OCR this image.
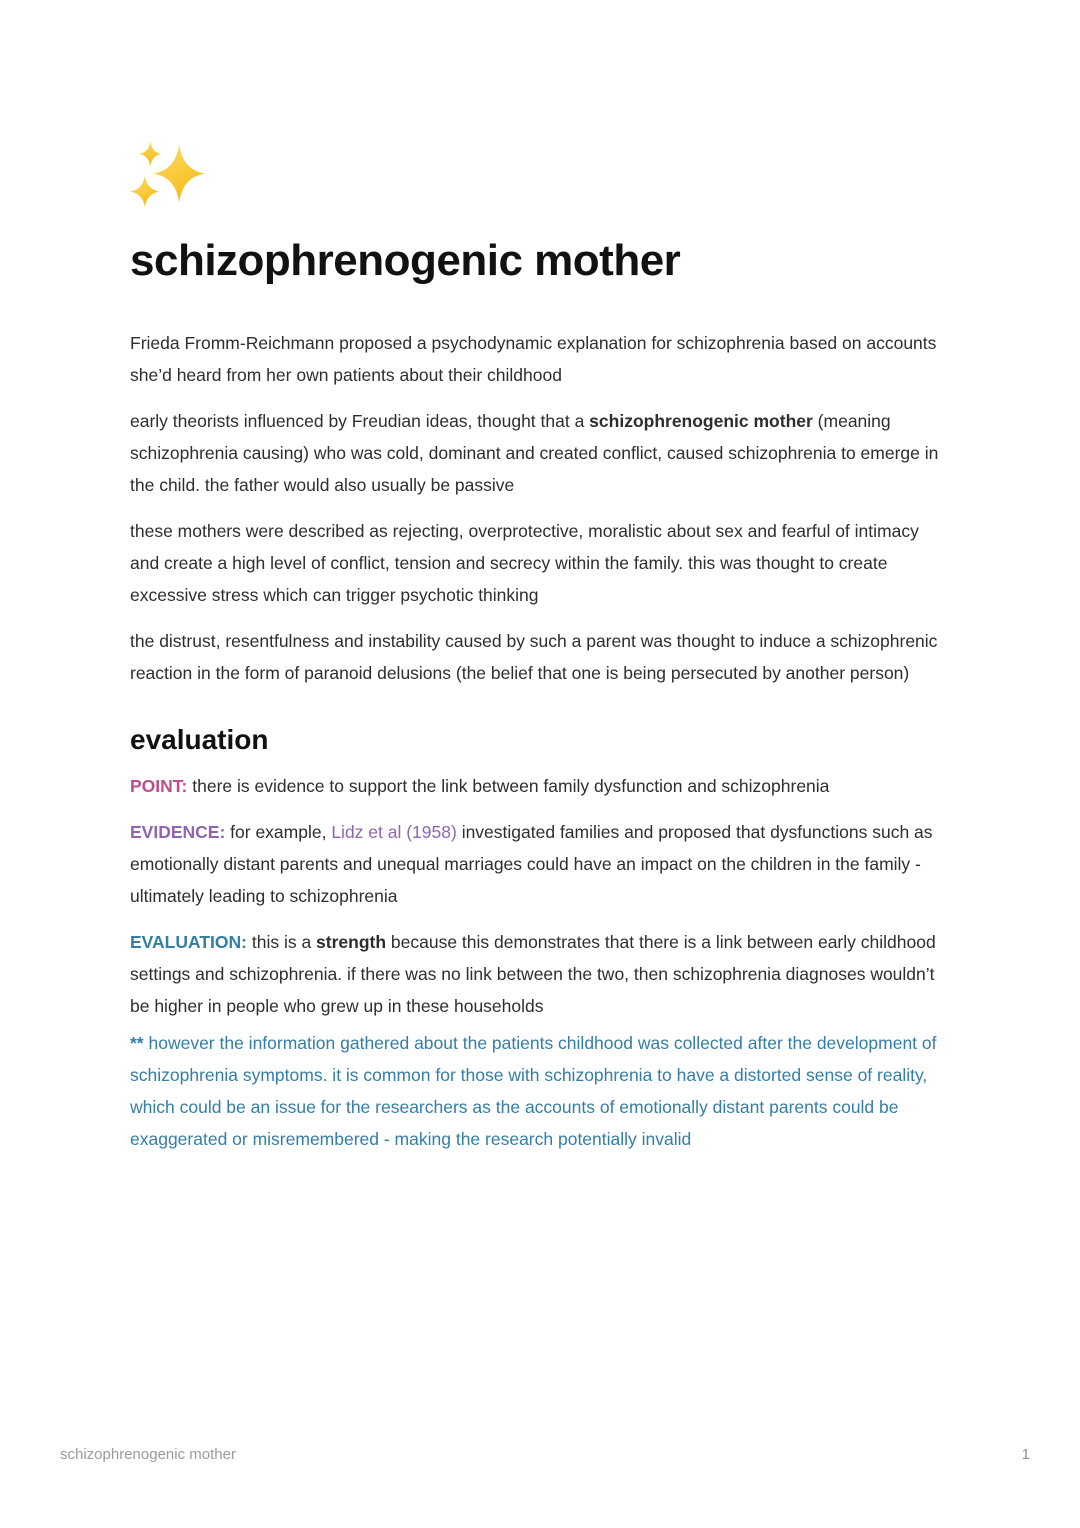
schizophrenogenic mother

Frieda Fromm-Reichmann proposed a psychodynamic explanation for schizophrenia based on accounts she’d heard from her own patients about their childhood

early theorists influenced by Freudian ideas, thought that a schizophrenogenic mother (meaning schizophrenia causing) who was cold, dominant and created conflict, caused schizophrenia to emerge in the child. the father would also usually be passive

these mothers were described as rejecting, overprotective, moralistic about sex and fearful of intimacy and create a high level of conflict, tension and secrecy within the family. this was thought to create excessive stress which can trigger psychotic thinking

the distrust, resentfulness and instability caused by such a parent was thought to induce a schizophrenic reaction in the form of paranoid delusions (the belief that one is being persecuted by another person)

evaluation

POINT: there is evidence to support the link between family dysfunction and schizophrenia

EVIDENCE: for example, Lidz et al (1958) investigated families and proposed that dysfunctions such as emotionally distant parents and unequal marriages could have an impact on the children in the family - ultimately leading to schizophrenia

EVALUATION: this is a strength because this demonstrates that there is a link between early childhood settings and schizophrenia. if there was no link between the two, then schizophrenia diagnoses wouldn’t be higher in people who grew up in these households

** however the information gathered about the patients childhood was collected after the development of schizophrenia symptoms. it is common for those with schizophrenia to have a distorted sense of reality, which could be an issue for the researchers as the accounts of emotionally distant parents could be exaggerated or misremembered - making the research potentially invalid

schizophrenogenic mother	1
